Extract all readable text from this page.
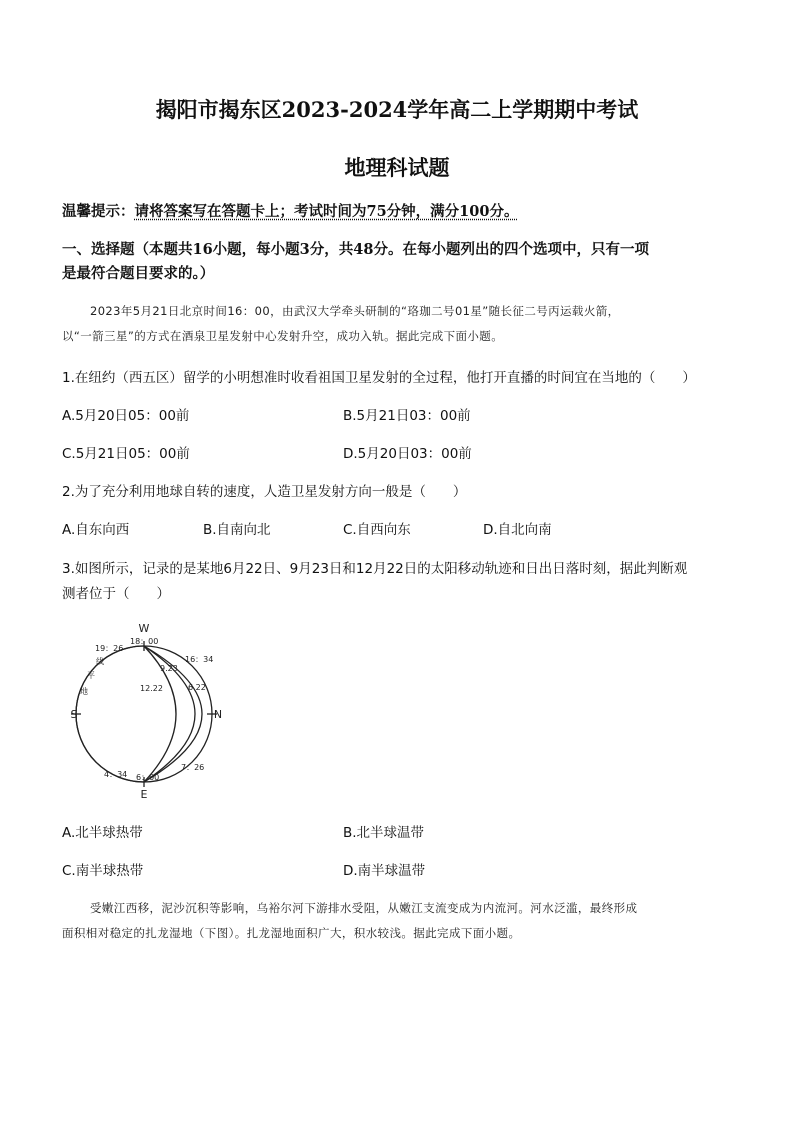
揭阳市揭东区2023-2024学年高二上学期期中考试
地理科试题
温馨提示：请将答案写在答题卡上；考试时间为75分钟，满分100分。
一、选择题（本题共16小题，每小题3分，共48分。在每小题列出的四个选项中，只有一项
是最符合题目要求的。）
2023年5月21日北京时间16：00，由武汉大学牵头研制的“珞珈二号01星”随长征二号丙运载火箭，
以“一箭三星”的方式在酒泉卫星发射中心发射升空，成功入轨。据此完成下面小题。
1.在纽约（西五区）留学的小明想准时收看祖国卫星发射的全过程，他打开直播的时间宜在当地的（　　）
A.5月20日05：00前	B.5月21日03：00前
C.5月21日05：00前	D.5月20日03：00前
2.为了充分利用地球自转的速度，人造卫星发射方向一般是（　　）
A.自东向西	B.自南向北	C.自西向东	D.自北向南
3.如图所示，记录的是某地6月22日、9月23日和12月22日的太阳移动轨迹和日出日落时刻，据此判断观
测者位于（　　）
W
E
S	N
19：26
18：00
16：34
9.23
12.22	6.22
线
平
地
4：34 6：00
7：26
A.北半球热带	B.北半球温带
C.南半球热带	D.南半球温带
受嫩江西移，泥沙沉积等影响，乌裕尔河下游排水受阻，从嫩江支流变成为内流河。河水泛滥，最终形成
面积相对稳定的扎龙湿地（下图）。扎龙湿地面积广大，积水较浅。据此完成下面小题。
